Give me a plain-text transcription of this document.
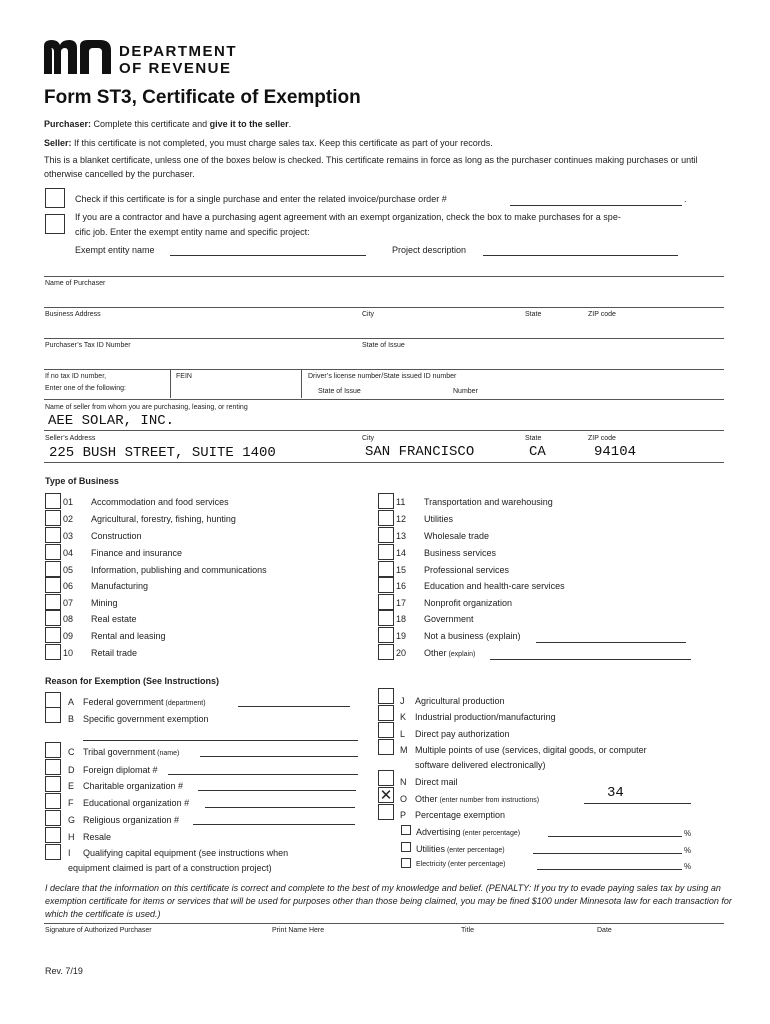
DEPARTMENT
OF REVENUE
Form ST3, Certificate of Exemption
Purchaser: Complete this certificate and give it to the seller.
Seller: If this certificate is not completed, you must charge sales tax. Keep this certificate as part of your records.
This is a blanket certificate, unless one of the boxes below is checked. This certificate remains in force as long as the purchaser continues making purchases or until otherwise cancelled by the purchaser.
Check if this certificate is for a single purchase and enter the related invoice/purchase order #	.
If you are a contractor and have a purchasing agent agreement with an exempt organization, check the box to make purchases for a spe-
cific job. Enter the exempt entity name and specific project:
Exempt entity name	Project description
Name of Purchaser
Business Address	City	State	ZIP code
Purchaser’s Tax ID Number	State of Issue
If no tax ID number,
Enter one of the following:
FEIN	Driver’s license number/State issued ID number
State of Issue	Number
Name of seller from whom you are purchasing, leasing, or renting
AEE SOLAR, INC.
Seller’s Address	City	State	ZIP code
225 BUSH STREET, SUITE 1400	SAN FRANCISCO	CA	94104
Type of Business
01 Accommodation and food services
02 Agricultural, forestry, fishing, hunting
03 Construction
04 Finance and insurance
05 Information, publishing and communications
06 Manufacturing
07 Mining
08 Real estate
09 Rental and leasing
10 Retail trade
11 Transportation and warehousing
12 Utilities
13 Wholesale trade
14 Business services
15 Professional services
16 Education and health-care services
17 Nonprofit organization
18 Government
19 Not a business (explain)
20 Other (explain)
Reason for Exemption (See Instructions)
A Federal government (department)
B Specific government exemption
C Tribal government (name)
D Foreign diplomat #
E Charitable organization #
F Educational organization #
G Religious organization #
H Resale
I Qualifying capital equipment (see instructions when
equipment claimed is part of a construction project)
J Agricultural production
K Industrial production/manufacturing
L Direct pay authorization
M Multiple points of use (services, digital goods, or computer
software delivered electronically)
✕
N Direct mail
O Other (enter number from instructions)	34
P Percentage exemption
Advertising (enter percentage)	%
Utilities (enter percentage)	%
Electricity (enter percentage)	%
I declare that the information on this certificate is correct and complete to the best of my knowledge and belief. (PENALTY: If you try to evade paying sales tax by using an exemption certificate for items or services that will be used for purposes other than those being claimed, you may be fined $100 under Minnesota law for each transaction for which the certificate is used.)
Signature of Authorized Purchaser	Print Name Here	Title	Date
Rev. 7/19
